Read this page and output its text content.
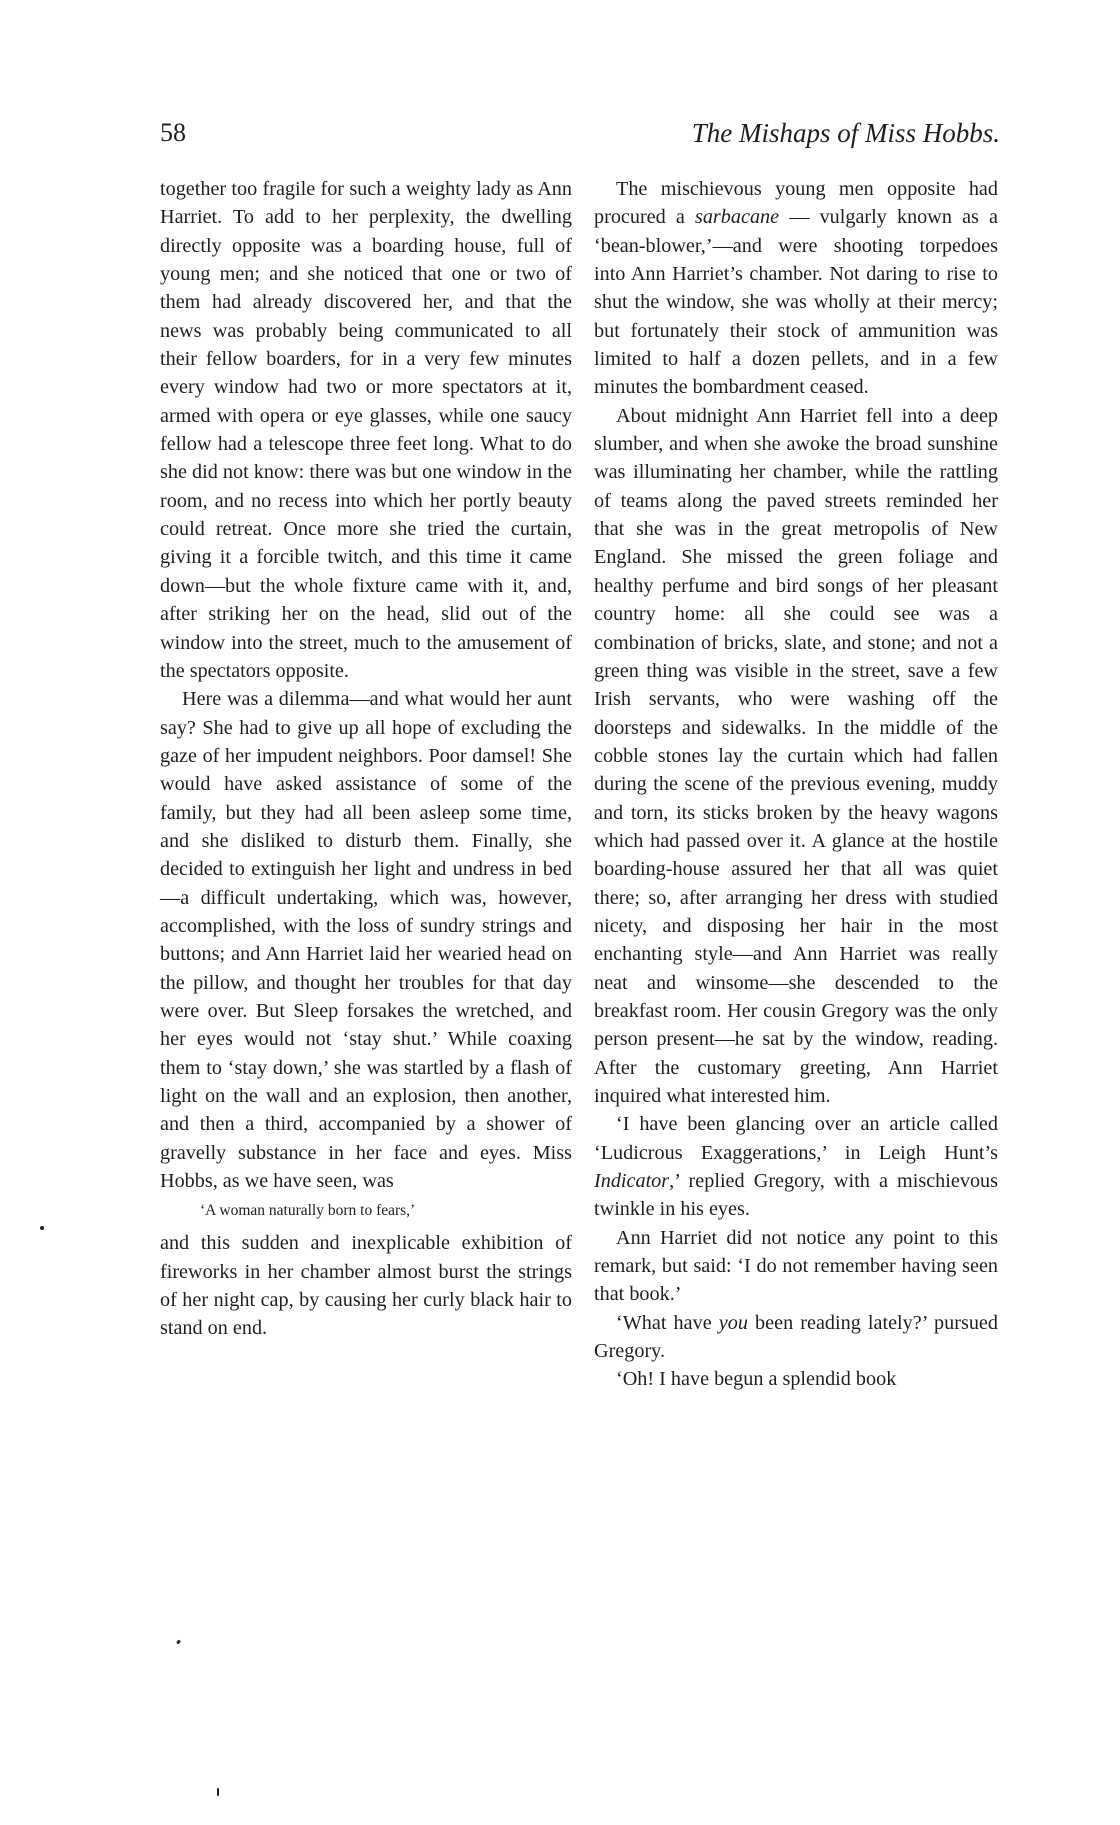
58	The Mishaps of Miss Hobbs.

together too fragile for such a weighty lady as Ann Harriet. To add to her perplexity, the dwelling directly opposite was a boarding house, full of young men; and she noticed that one or two of them had already discovered her, and that the news was probably being communicated to all their fellow boarders, for in a very few minutes every window had two or more spectators at it, armed with opera or eye glasses, while one saucy fellow had a telescope three feet long. What to do she did not know: there was but one window in the room, and no recess into which her portly beauty could retreat. Once more she tried the curtain, giving it a forcible twitch, and this time it came down—but the whole fixture came with it, and, after striking her on the head, slid out of the window into the street, much to the amusement of the spectators opposite.

Here was a dilemma—and what would her aunt say? She had to give up all hope of excluding the gaze of her impudent neighbors. Poor damsel! She would have asked assistance of some of the family, but they had all been asleep some time, and she disliked to disturb them. Finally, she decided to extinguish her light and undress in bed—a difficult undertaking, which was, however, accomplished, with the loss of sundry strings and buttons; and Ann Harriet laid her wearied head on the pillow, and thought her troubles for that day were over. But Sleep forsakes the wretched, and her eyes would not ‘stay shut.’ While coaxing them to ‘stay down,’ she was startled by a flash of light on the wall and an explosion, then another, and then a third, accompanied by a shower of gravelly substance in her face and eyes. Miss Hobbs, as we have seen, was

‘A woman naturally born to fears,’

and this sudden and inexplicable exhibition of fireworks in her chamber almost burst the strings of her night cap, by causing her curly black hair to stand on end.

The mischievous young men opposite had procured a sarbacane — vulgarly known as a ‘bean-blower,’—and were shooting torpedoes into Ann Harriet’s chamber. Not daring to rise to shut the window, she was wholly at their mercy; but fortunately their stock of ammunition was limited to half a dozen pellets, and in a few minutes the bombardment ceased.

About midnight Ann Harriet fell into a deep slumber, and when she awoke the broad sunshine was illuminating her chamber, while the rattling of teams along the paved streets reminded her that she was in the great metropolis of New England. She missed the green foliage and healthy perfume and bird songs of her pleasant country home: all she could see was a combination of bricks, slate, and stone; and not a green thing was visible in the street, save a few Irish servants, who were washing off the doorsteps and sidewalks. In the middle of the cobble stones lay the curtain which had fallen during the scene of the previous evening, muddy and torn, its sticks broken by the heavy wagons which had passed over it. A glance at the hostile boarding-house assured her that all was quiet there; so, after arranging her dress with studied nicety, and disposing her hair in the most enchanting style—and Ann Harriet was really neat and winsome—she descended to the breakfast room. Her cousin Gregory was the only person present—he sat by the window, reading. After the customary greeting, Ann Harriet inquired what interested him.

‘I have been glancing over an article called ‘Ludicrous Exaggerations,’ in Leigh Hunt’s Indicator,’ replied Gregory, with a mischievous twinkle in his eyes.

Ann Harriet did not notice any point to this remark, but said: ‘I do not remember having seen that book.’

‘What have you been reading lately?’ pursued Gregory.

‘Oh! I have begun a splendid book
